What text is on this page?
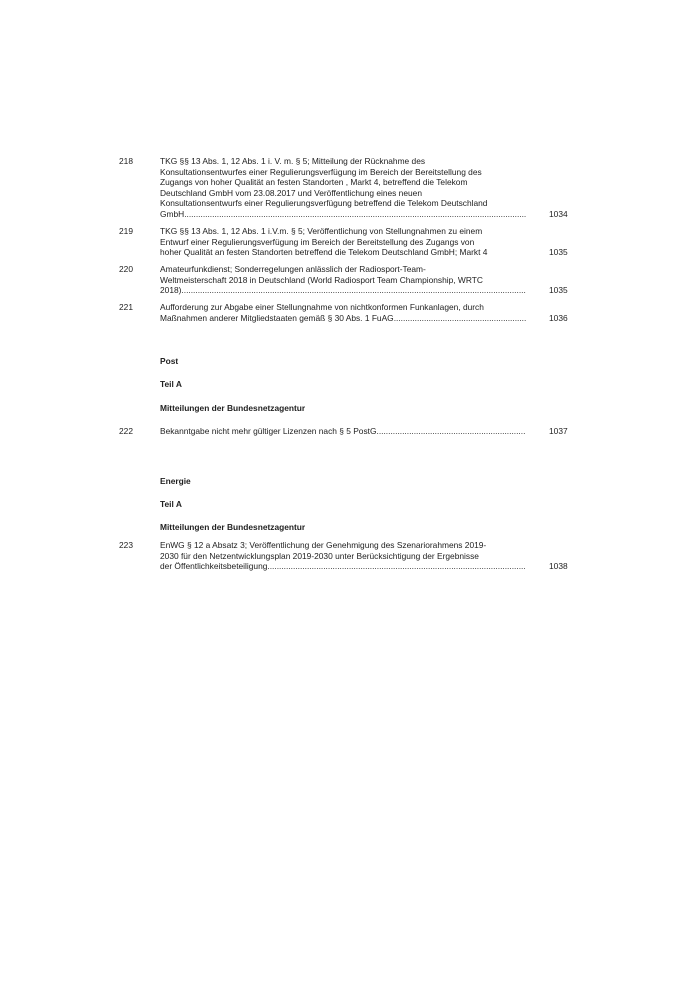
218	TKG §§ 13 Abs. 1, 12 Abs. 1 i. V. m. § 5; Mitteilung der Rücknahme des
Konsultationsentwurfes einer Regulierungsverfügung im Bereich der Bereitstellung des
Zugangs von hoher Qualität an festen Standorten , Markt 4, betreffend die Telekom
Deutschland GmbH vom 23.08.2017 und Veröffentlichung eines neuen
Konsultationsentwurfs einer Regulierungsverfügung betreffend die Telekom Deutschland
GmbH .....	1034
219	TKG §§ 13 Abs. 1, 12 Abs. 1 i.V.m. § 5; Veröffentlichung von Stellungnahmen zu einem
Entwurf einer Regulierungsverfügung im Bereich der Bereitstellung des Zugangs von
hoher Qualität an festen Standorten betreffend die Telekom Deutschland GmbH; Markt 4	1035
220	Amateurfunkdienst; Sonderregelungen anlässlich der Radiosport-Team-
Weltmeisterschaft 2018 in Deutschland (World Radiosport Team Championship, WRTC
2018) .....	1035
221	Aufforderung zur Abgabe einer Stellungnahme von nichtkonformen Funkanlagen, durch
Maßnahmen anderer Mitgliedstaaten gemäß § 30 Abs. 1 FuAG .....	1036
Post
Teil A
Mitteilungen der Bundesnetzagentur
222	Bekanntgabe nicht mehr gültiger Lizenzen nach § 5 PostG .....	1037
Energie
Teil A
Mitteilungen der Bundesnetzagentur
223	EnWG § 12 a Absatz 3; Veröffentlichung der Genehmigung des Szenariorahmens 2019-
2030 für den Netzentwicklungsplan 2019-2030 unter Berücksichtigung der Ergebnisse
der Öffentlichkeitsbeteiligung .....	1038
